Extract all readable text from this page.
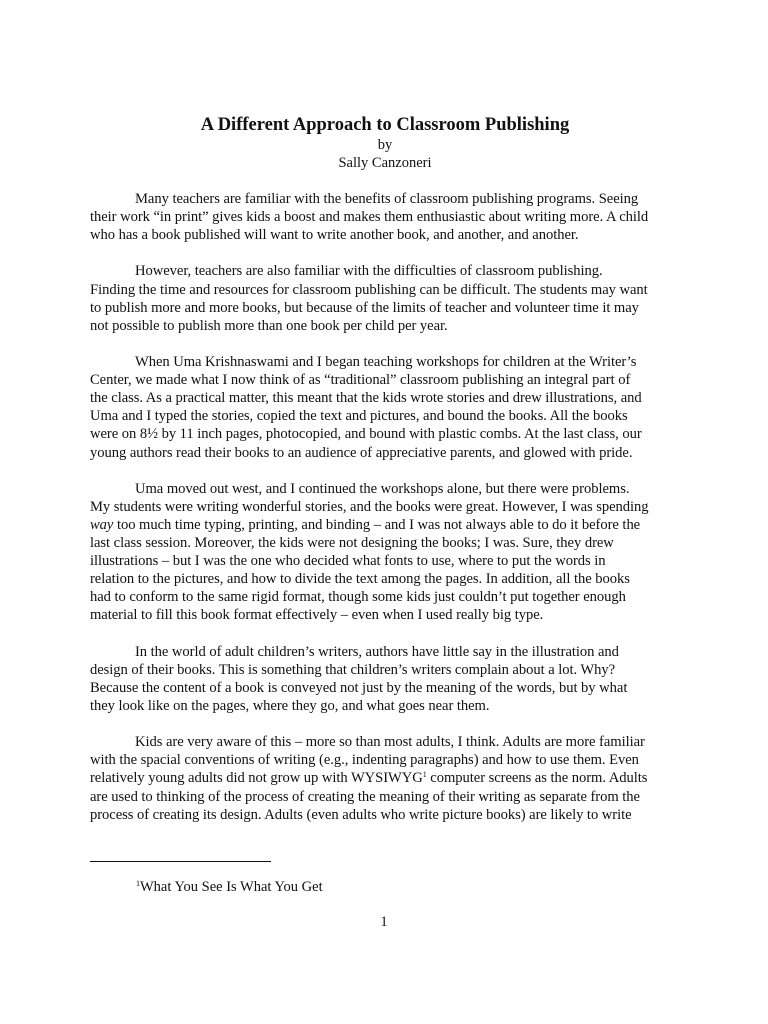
A Different Approach to Classroom Publishing
by
Sally Canzoneri

Many teachers are familiar with the benefits of classroom publishing programs. Seeing
their work “in print” gives kids a boost and makes them enthusiastic about writing more. A child
who has a book published will want to write another book, and another, and another.

However, teachers are also familiar with the difficulties of classroom publishing.
Finding the time and resources for classroom publishing can be difficult. The students may want
to publish more and more books, but because of the limits of teacher and volunteer time it may
not possible to publish more than one book per child per year.

When Uma Krishnaswami and I began teaching workshops for children at the Writer’s
Center, we made what I now think of as “traditional” classroom publishing an integral part of
the class. As a practical matter, this meant that the kids wrote stories and drew illustrations, and
Uma and I typed the stories, copied the text and pictures, and bound the books. All the books
were on 8½ by 11 inch pages, photocopied, and bound with plastic combs. At the last class, our
young authors read their books to an audience of appreciative parents, and glowed with pride.

Uma moved out west, and I continued the workshops alone, but there were problems.
My students were writing wonderful stories, and the books were great. However, I was spending
way too much time typing, printing, and binding – and I was not always able to do it before the
last class session. Moreover, the kids were not designing the books; I was. Sure, they drew
illustrations – but I was the one who decided what fonts to use, where to put the words in
relation to the pictures, and how to divide the text among the pages. In addition, all the books
had to conform to the same rigid format, though some kids just couldn’t put together enough
material to fill this book format effectively – even when I used really big type.

In the world of adult children’s writers, authors have little say in the illustration and
design of their books. This is something that children’s writers complain about a lot. Why?
Because the content of a book is conveyed not just by the meaning of the words, but by what
they look like on the pages, where they go, and what goes near them.

Kids are very aware of this – more so than most adults, I think. Adults are more familiar
with the spacial conventions of writing (e.g., indenting paragraphs) and how to use them. Even
relatively young adults did not grow up with WYSIWYG$^1$ computer screens as the norm. Adults
are used to thinking of the process of creating the meaning of their writing as separate from the
process of creating its design. Adults (even adults who write picture books) are likely to write

$^1$What You See Is What You Get
1
